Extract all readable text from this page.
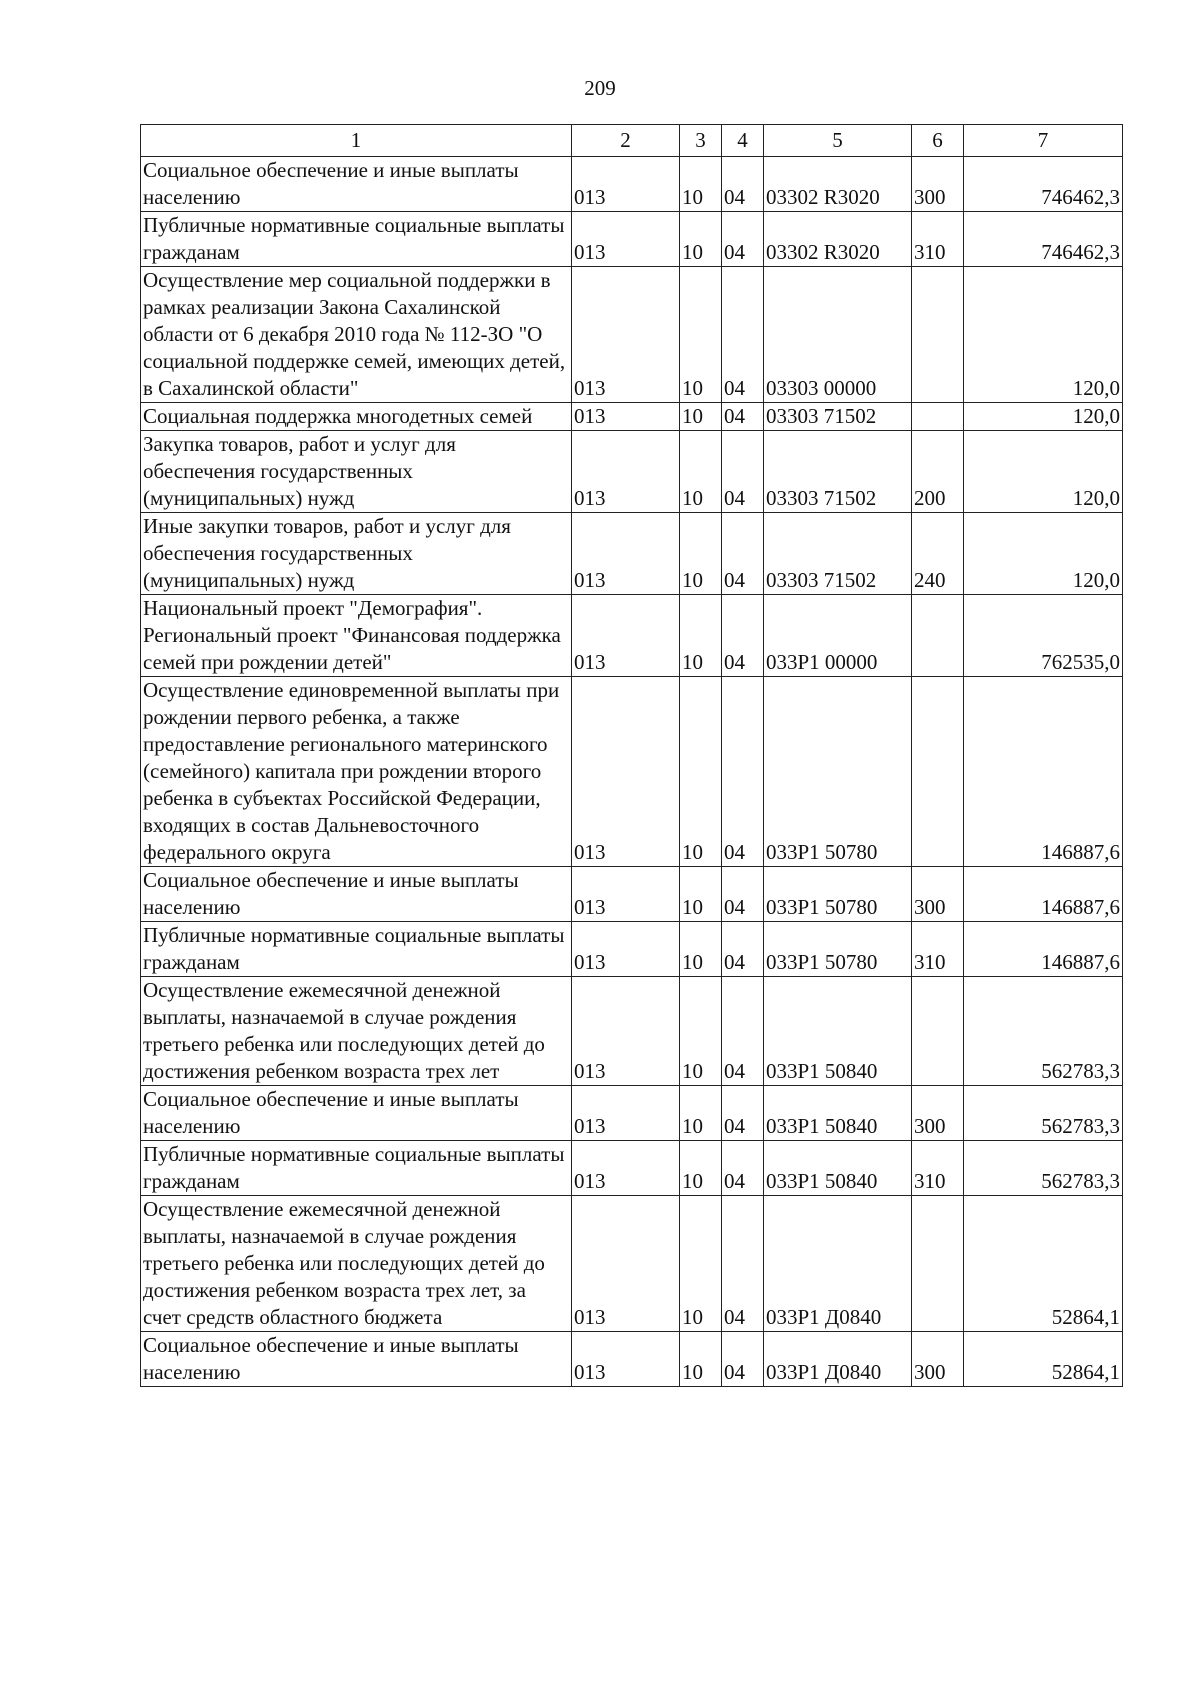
209
1	2	3	4	5	6	7
Социальное обеспечение и иные выплаты населению	013	10	04	03302 R3020	300	746462,3
Публичные нормативные социальные выплаты гражданам	013	10	04	03302 R3020	310	746462,3
Осуществление мер социальной поддержки в рамках реализации Закона Сахалинской области от 6 декабря 2010 года № 112-ЗО "О социальной поддержке семей, имеющих детей, в Сахалинской области"	013	10	04	03303 00000		120,0
Социальная поддержка многодетных семей	013	10	04	03303 71502		120,0
Закупка товаров, работ и услуг для обеспечения государственных (муниципальных) нужд	013	10	04	03303 71502	200	120,0
Иные закупки товаров, работ и услуг для обеспечения государственных (муниципальных) нужд	013	10	04	03303 71502	240	120,0
Национальный проект "Демография". Региональный проект "Финансовая поддержка семей при рождении детей"	013	10	04	033Р1 00000		762535,0
Осуществление единовременной выплаты при рождении первого ребенка, а также предоставление регионального материнского (семейного) капитала при рождении второго ребенка в субъектах Российской Федерации, входящих в состав Дальневосточного федерального округа	013	10	04	033Р1 50780		146887,6
Социальное обеспечение и иные выплаты населению	013	10	04	033Р1 50780	300	146887,6
Публичные нормативные социальные выплаты гражданам	013	10	04	033Р1 50780	310	146887,6
Осуществление ежемесячной денежной выплаты, назначаемой в случае рождения третьего ребенка или последующих детей до достижения ребенком возраста трех лет	013	10	04	033Р1 50840		562783,3
Социальное обеспечение и иные выплаты населению	013	10	04	033Р1 50840	300	562783,3
Публичные нормативные социальные выплаты гражданам	013	10	04	033Р1 50840	310	562783,3
Осуществление ежемесячной денежной выплаты, назначаемой в случае рождения третьего ребенка или последующих детей до достижения ребенком возраста трех лет, за счет средств областного бюджета	013	10	04	033Р1 Д0840		52864,1
Социальное обеспечение и иные выплаты населению	013	10	04	033Р1 Д0840	300	52864,1
